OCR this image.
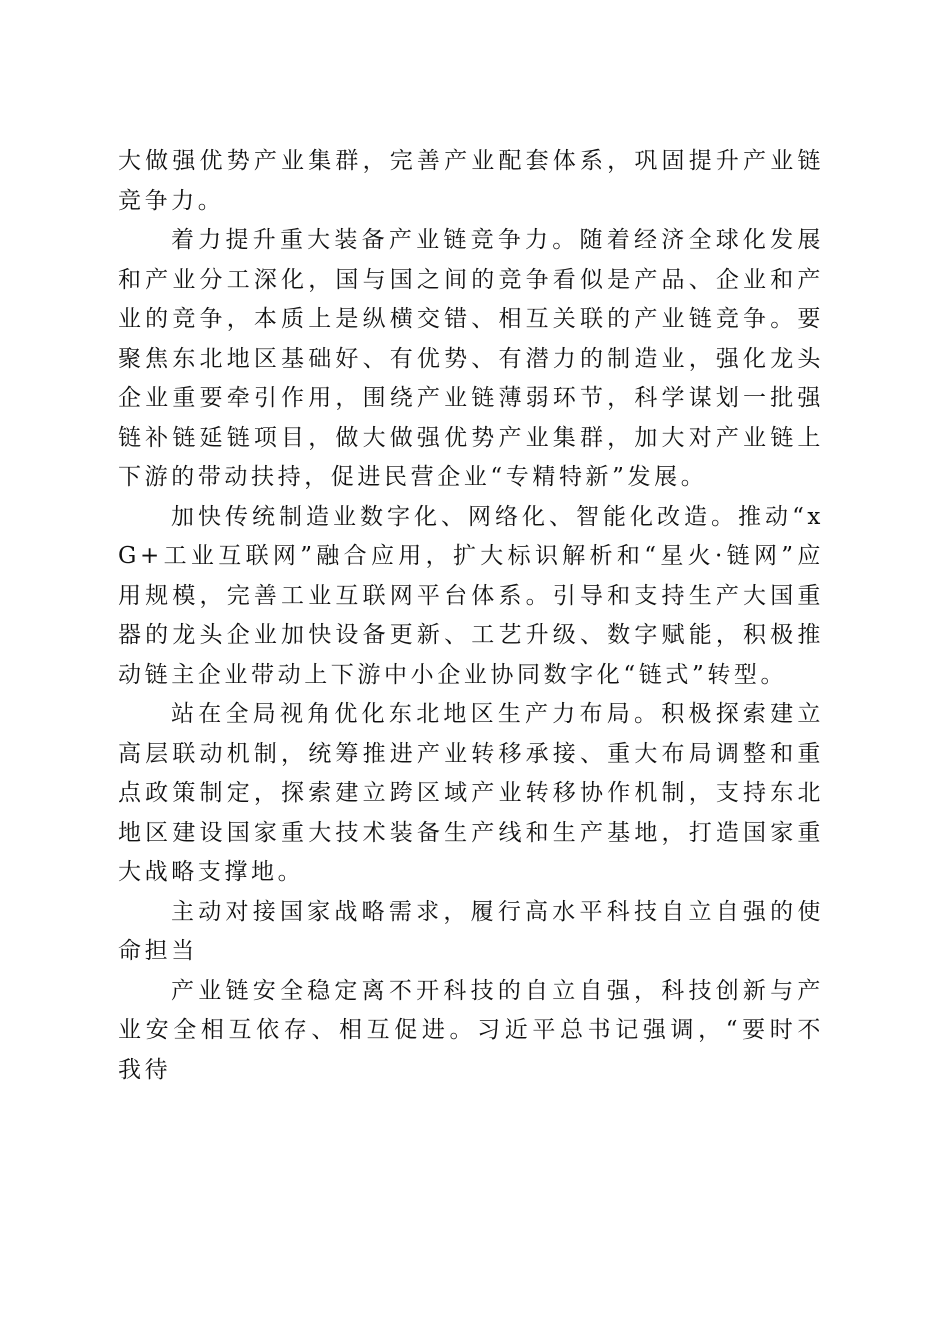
大做强优势产业集群，完善产业配套体系，巩固提升产业链竞争力。

着力提升重大装备产业链竞争力。随着经济全球化发展和产业分工深化，国与国之间的竞争看似是产品、企业和产业的竞争，本质上是纵横交错、相互关联的产业链竞争。要聚焦东北地区基础好、有优势、有潜力的制造业，强化龙头企业重要牵引作用，围绕产业链薄弱环节，科学谋划一批强链补链延链项目，做大做强优势产业集群，加大对产业链上下游的带动扶持，促进民营企业“专精特新”发展。

加快传统制造业数字化、网络化、智能化改造。推动“xG+工业互联网”融合应用，扩大标识解析和“星火·链网”应用规模，完善工业互联网平台体系。引导和支持生产大国重器的龙头企业加快设备更新、工艺升级、数字赋能，积极推动链主企业带动上下游中小企业协同数字化“链式”转型。

站在全局视角优化东北地区生产力布局。积极探索建立高层联动机制，统筹推进产业转移承接、重大布局调整和重点政策制定，探索建立跨区域产业转移协作机制，支持东北地区建设国家重大技术装备生产线和生产基地，打造国家重大战略支撑地。

主动对接国家战略需求，履行高水平科技自立自强的使命担当

产业链安全稳定离不开科技的自立自强，科技创新与产业安全相互依存、相互促进。习近平总书记强调，“要时不我待
